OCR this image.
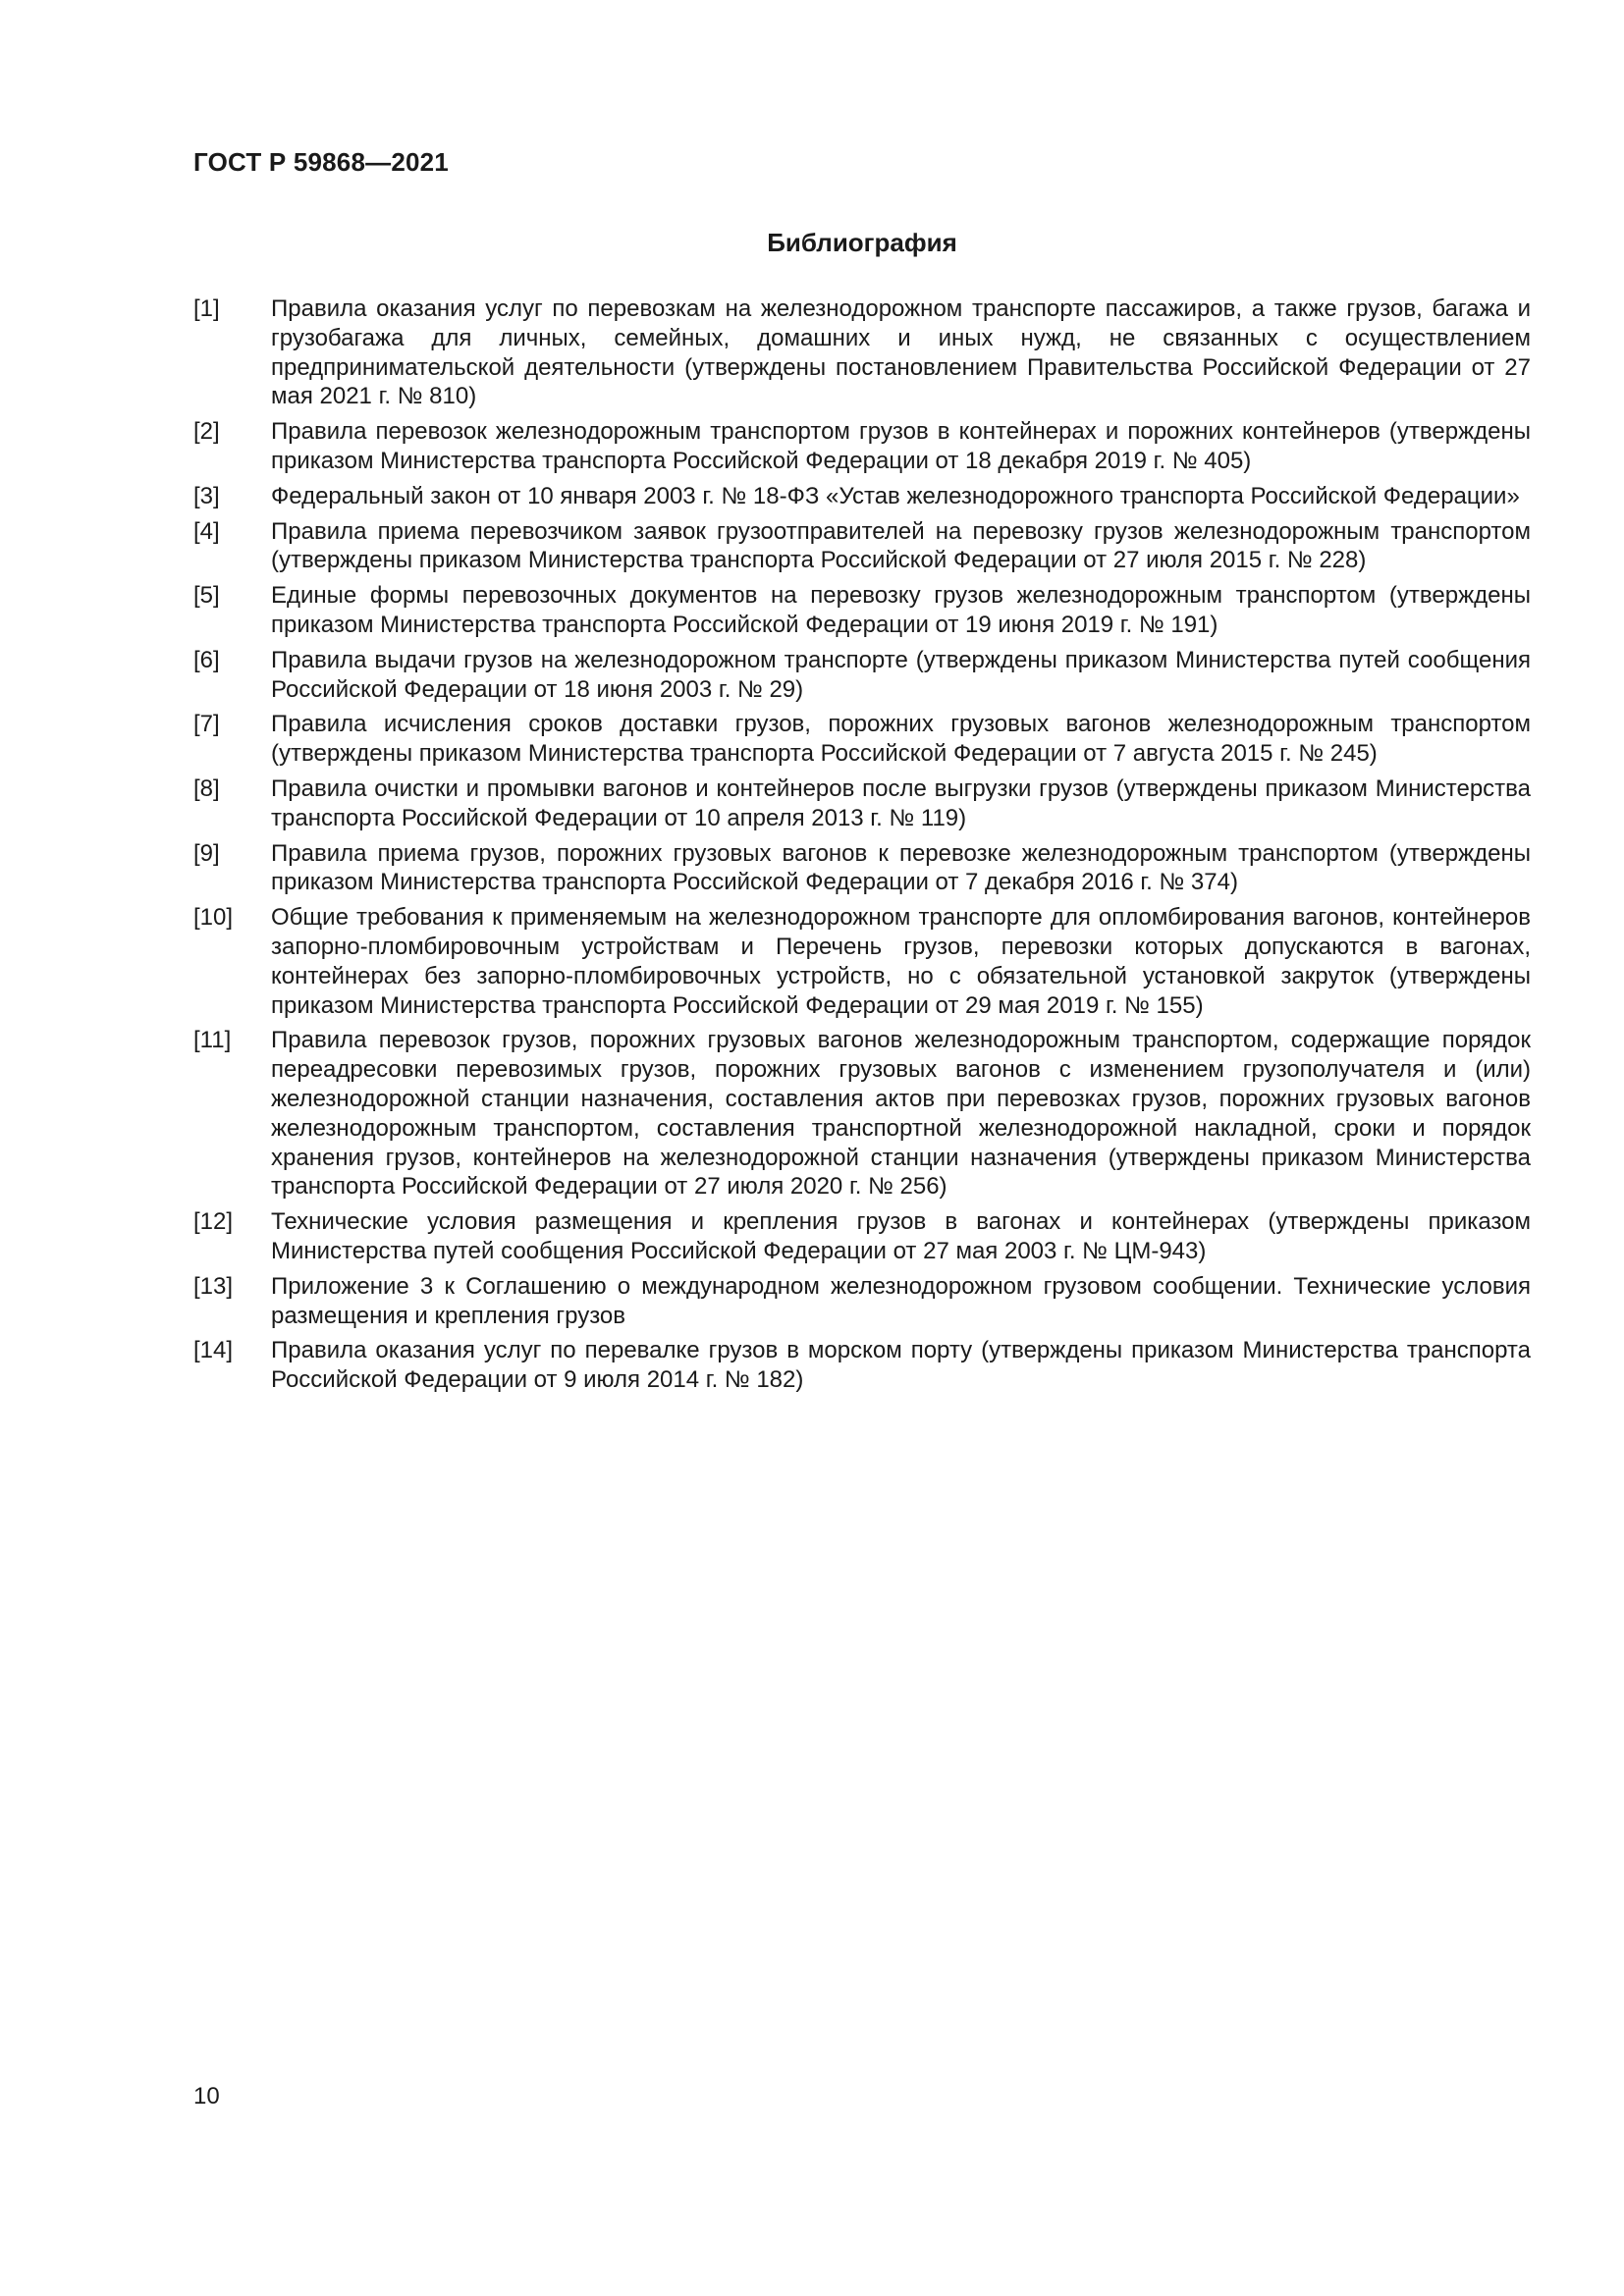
ГОСТ Р 59868—2021
Библиография
[1]	Правила оказания услуг по перевозкам на железнодорожном транспорте пассажиров, а также грузов, багажа и грузобагажа для личных, семейных, домашних и иных нужд, не связанных с осуществлением предпринимательской деятельности (утверждены постановлением Правительства Российской Федерации от 27 мая 2021 г. № 810)
[2]	Правила перевозок железнодорожным транспортом грузов в контейнерах и порожних контейнеров (утверждены приказом Министерства транспорта Российской Федерации от 18 декабря 2019 г. № 405)
[3]	Федеральный закон от 10 января 2003 г. № 18-ФЗ «Устав железнодорожного транспорта Российской Федерации»
[4]	Правила приема перевозчиком заявок грузоотправителей на перевозку грузов железнодорожным транспортом (утверждены приказом Министерства транспорта Российской Федерации от 27 июля 2015 г. № 228)
[5]	Единые формы перевозочных документов на перевозку грузов железнодорожным транспортом (утверждены приказом Министерства транспорта Российской Федерации от 19 июня 2019 г. № 191)
[6]	Правила выдачи грузов на железнодорожном транспорте (утверждены приказом Министерства путей сообщения Российской Федерации от 18 июня 2003 г. № 29)
[7]	Правила исчисления сроков доставки грузов, порожних грузовых вагонов железнодорожным транспортом (утверждены приказом Министерства транспорта Российской Федерации от 7 августа 2015 г. № 245)
[8]	Правила очистки и промывки вагонов и контейнеров после выгрузки грузов (утверждены приказом Министерства транспорта Российской Федерации от 10 апреля 2013 г. № 119)
[9]	Правила приема грузов, порожних грузовых вагонов к перевозке железнодорожным транспортом (утверждены приказом Министерства транспорта Российской Федерации от 7 декабря 2016 г. № 374)
[10]	Общие требования к применяемым на железнодорожном транспорте для опломбирования вагонов, контейнеров запорно-пломбировочным устройствам и Перечень грузов, перевозки которых допускаются в вагонах, контейнерах без запорно-пломбировочных устройств, но с обязательной установкой закруток (утверждены приказом Министерства транспорта Российской Федерации от 29 мая 2019 г. № 155)
[11]	Правила перевозок грузов, порожних грузовых вагонов железнодорожным транспортом, содержащие порядок переадресовки перевозимых грузов, порожних грузовых вагонов с изменением грузополучателя и (или) железнодорожной станции назначения, составления актов при перевозках грузов, порожних грузовых вагонов железнодорожным транспортом, составления транспортной железнодорожной накладной, сроки и порядок хранения грузов, контейнеров на железнодорожной станции назначения (утверждены приказом Министерства транспорта Российской Федерации от 27 июля 2020 г. № 256)
[12]	Технические условия размещения и крепления грузов в вагонах и контейнерах (утверждены приказом Министерства путей сообщения Российской Федерации от 27 мая 2003 г. № ЦМ-943)
[13]	Приложение 3 к Соглашению о международном железнодорожном грузовом сообщении. Технические условия размещения и крепления грузов
[14]	Правила оказания услуг по перевалке грузов в морском порту (утверждены приказом Министерства транспорта Российской Федерации от 9 июля 2014 г. № 182)
10
